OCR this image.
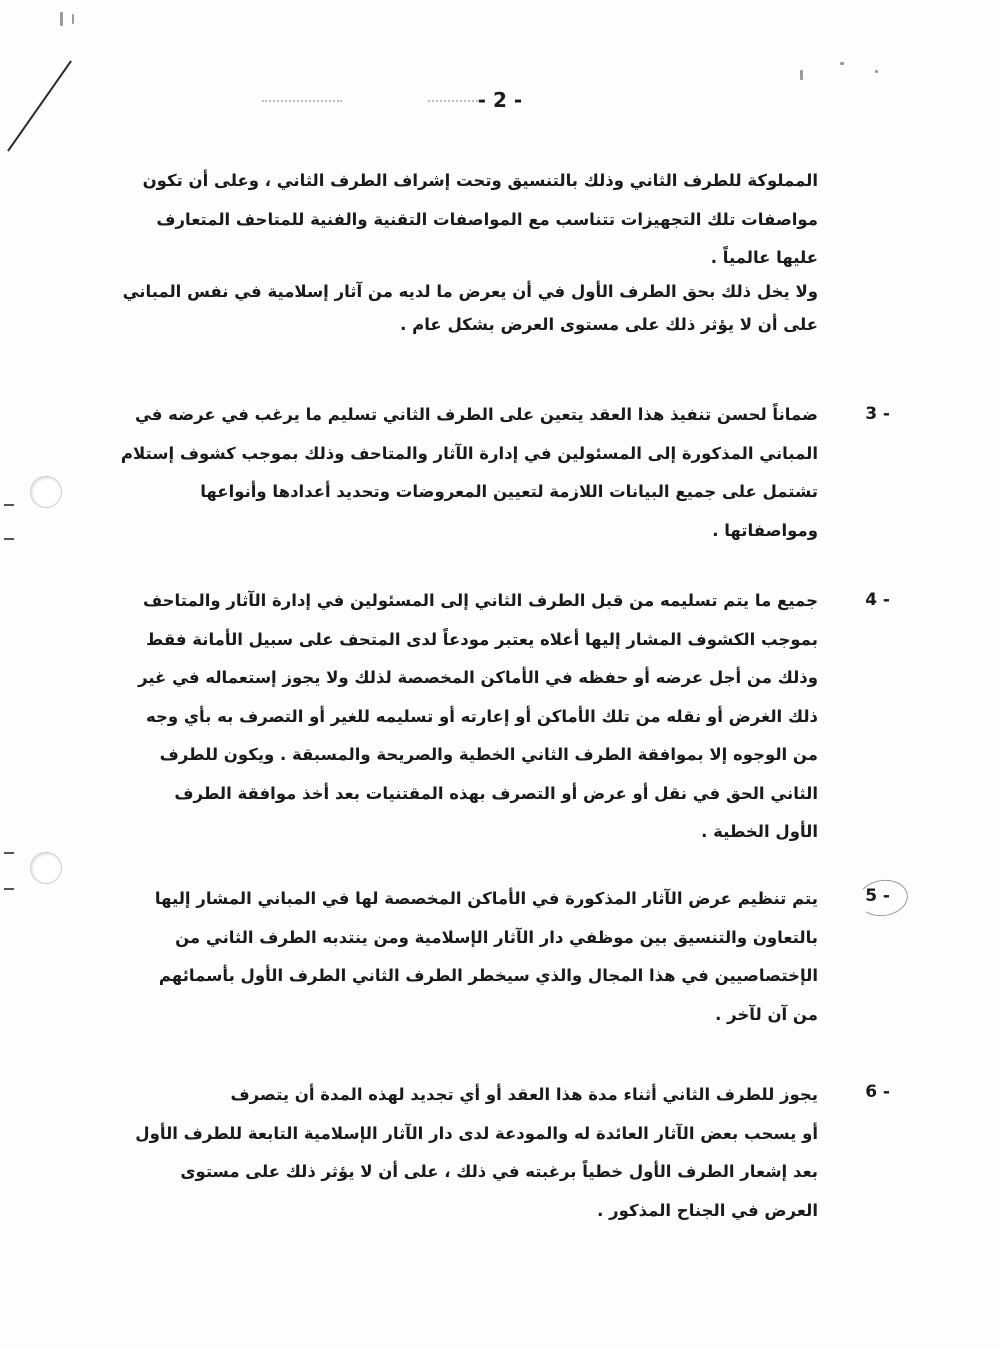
- 2 -

المملوكة للطرف الثاني وذلك بالتنسيق وتحت إشراف الطرف الثاني ، وعلى أن تكون

مواصفات تلك التجهيزات تتناسب مع المواصفات التقنية والفنية للمتاحف المتعارف

عليها عالمياً .

ولا يخل ذلك بحق الطرف الأول في أن يعرض ما لديه من آثار إسلامية في نفس المباني

على أن لا يؤثر ذلك على مستوى العرض بشكل عام .

3 -

ضماناً لحسن تنفيذ هذا العقد يتعين على الطرف الثاني تسليم ما يرغب في عرضه في

المباني المذكورة إلى المسئولين في إدارة الآثار والمتاحف وذلك بموجب كشوف إستلام

تشتمل على جميع البيانات اللازمة لتعيين المعروضات وتحديد أعدادها وأنواعها

ومواصفاتها .

4 -

جميع ما يتم تسليمه من قبل الطرف الثاني إلى المسئولين في إدارة الآثار والمتاحف

بموجب الكشوف المشار إليها أعلاه يعتبر مودعاً لدى المتحف على سبيل الأمانة فقط

وذلك من أجل عرضه أو حفظه في الأماكن المخصصة لذلك ولا يجوز إستعماله في غير

ذلك الغرض أو نقله من تلك الأماكن أو إعارته أو تسليمه للغير أو التصرف به بأي وجه

من الوجوه إلا بموافقة الطرف الثاني الخطية والصريحة والمسبقة . ويكون للطرف

الثاني الحق في نقل أو عرض أو التصرف بهذه المقتنيات بعد أخذ موافقة الطرف

الأول الخطية .

5 -

يتم تنظيم عرض الآثار المذكورة في الأماكن المخصصة لها في المباني المشار إليها

بالتعاون والتنسيق بين موظفي دار الآثار الإسلامية ومن ينتدبه الطرف الثاني من

الإختصاصيين في هذا المجال والذي سيخطر الطرف الثاني الطرف الأول بأسمائهم

من آن لآخر .

6 -

يجوز للطرف الثاني أثناء مدة هذا العقد أو أي تجديد لهذه المدة أن يتصرف

أو يسحب بعض الآثار العائدة له والمودعة لدى دار الآثار الإسلامية التابعة للطرف الأول

بعد إشعار الطرف الأول خطياً برغبته في ذلك ، على أن لا يؤثر ذلك على مستوى

العرض في الجناح المذكور .
